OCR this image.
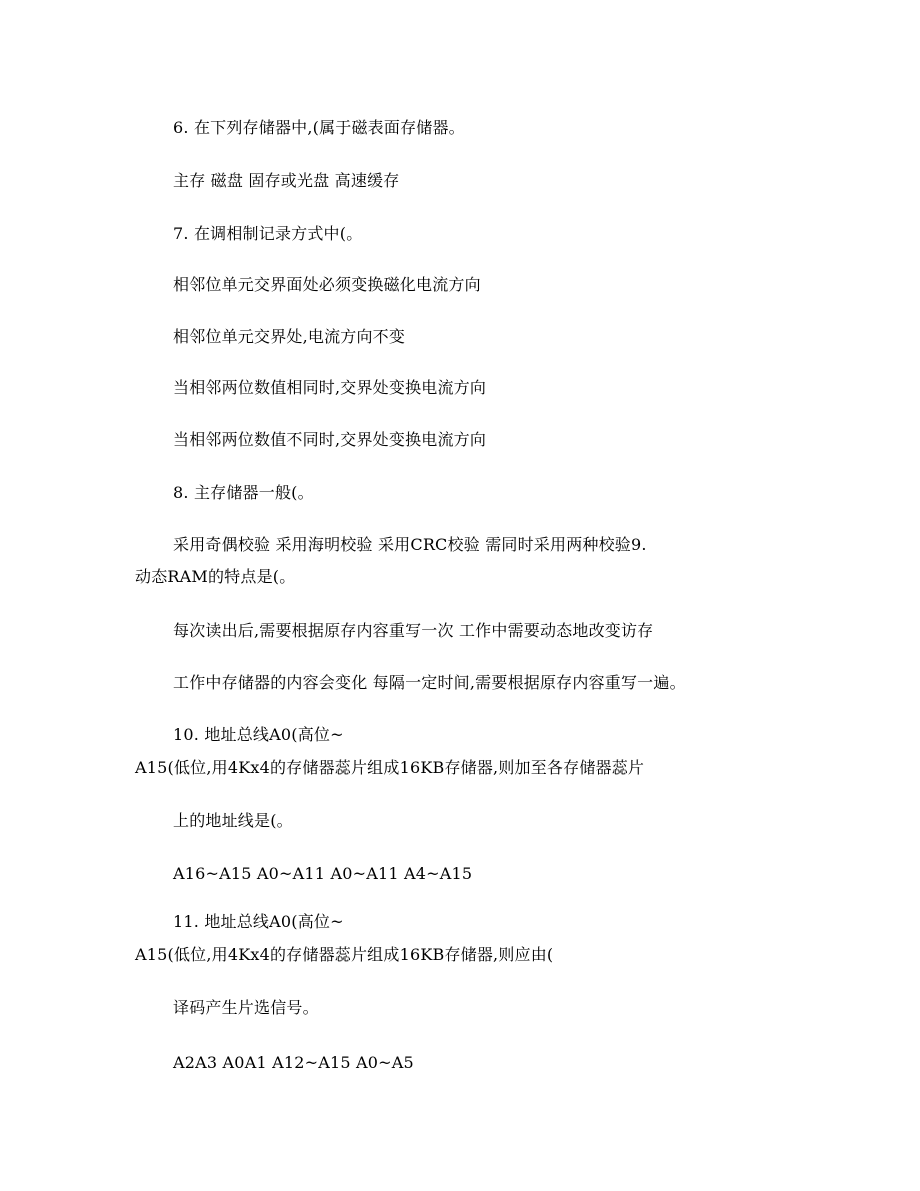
6. 在下列存储器中,(属于磁表面存储器。
主存 磁盘 固存或光盘 高速缓存
7. 在调相制记录方式中(。
相邻位单元交界面处必须变换磁化电流方向
相邻位单元交界处,电流方向不变
当相邻两位数值相同时,交界处变换电流方向
当相邻两位数值不同时,交界处变换电流方向
8. 主存储器一般(。
采用奇偶校验 采用海明校验 采用CRC校验 需同时采用两种校验9.
动态RAM的特点是(。
每次读出后,需要根据原存内容重写一次 工作中需要动态地改变访存
工作中存储器的内容会变化 每隔一定时间,需要根据原存内容重写一遍。
10. 地址总线A0(高位~
A15(低位,用4Kx4的存储器蕊片组成16KB存储器,则加至各存储器蕊片
上的地址线是(。
A16~A15 A0~A11 A0~A11 A4~A15
11. 地址总线A0(高位~
A15(低位,用4Kx4的存储器蕊片组成16KB存储器,则应由(
译码产生片选信号。
A2A3 A0A1 A12~A15 A0~A5
